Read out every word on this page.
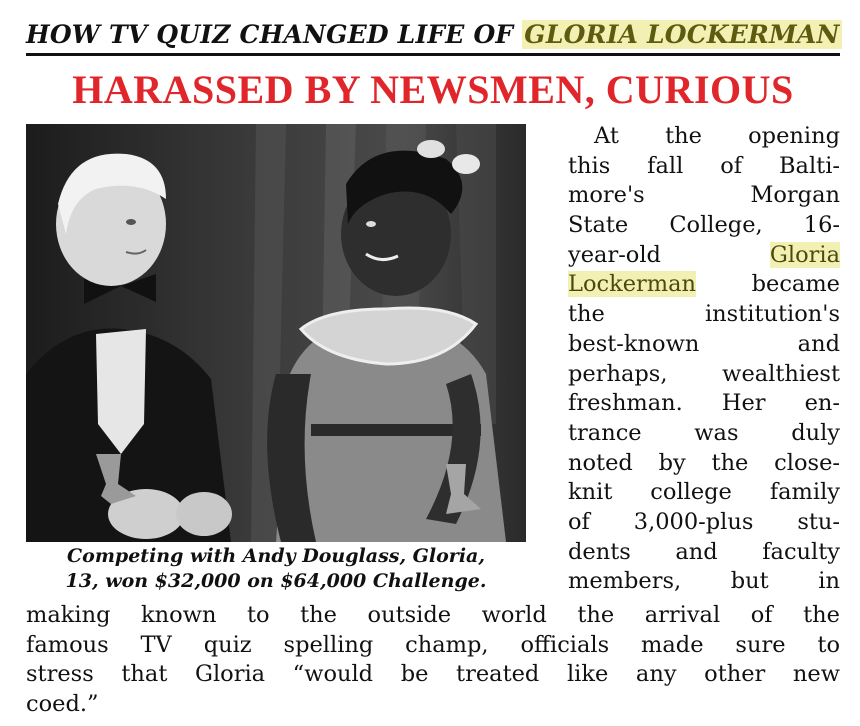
HOW TV QUIZ CHANGED LIFE OF GLORIA LOCKERMAN
HARASSED BY NEWSMEN, CURIOUS
Competing with Andy Douglass, Gloria,
13, won $32,000 on $64,000 Challenge.
At the opening
this fall of Balti-
more's Morgan
State College, 16-
year-old Gloria
Lockerman became
the institution's
best-known and
perhaps, wealthiest
freshman. Her en-
trance was duly
noted by the close-
knit college family
of 3,000-plus stu-
dents and faculty
members, but in
making known to the outside world the arrival of the
famous TV quiz spelling champ, officials made sure to
stress that Gloria “would be treated like any other new
coed.”
